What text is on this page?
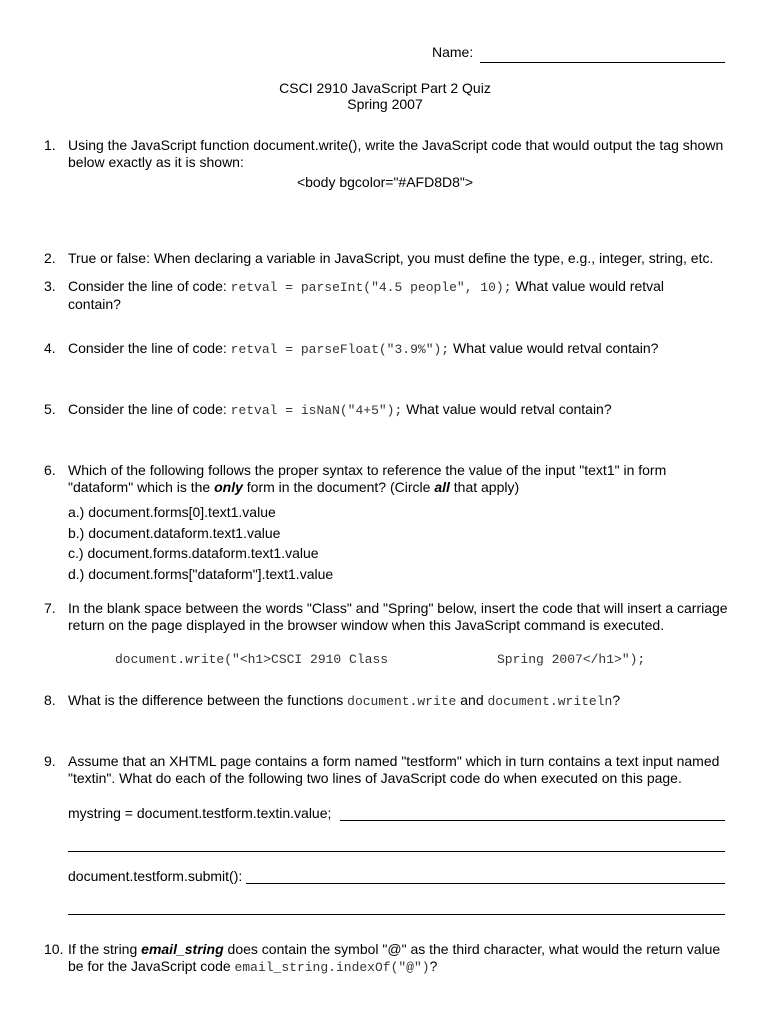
Name:
CSCI 2910 JavaScript Part 2 Quiz
Spring 2007
1. Using the JavaScript function document.write(), write the JavaScript code that would output the tag shown
below exactly as it is shown:
<body bgcolor="#AFD8D8">
2. True or false: When declaring a variable in JavaScript, you must define the type, e.g., integer, string, etc.
3. Consider the line of code: retval = parseInt("4.5 people", 10); What value would retval
contain?
4. Consider the line of code: retval = parseFloat("3.9%"); What value would retval contain?
5. Consider the line of code: retval = isNaN("4+5"); What value would retval contain?
6. Which of the following follows the proper syntax to reference the value of the input "text1" in form
"dataform" which is the only form in the document? (Circle all that apply)
a.) document.forms[0].text1.value
b.) document.dataform.text1.value
c.) document.forms.dataform.text1.value
d.) document.forms["dataform"].text1.value
7. In the blank space between the words "Class" and "Spring" below, insert the code that will insert a carriage
return on the page displayed in the browser window when this JavaScript command is executed.
document.write("<h1>CSCI 2910 Class	Spring 2007</h1>");
8. What is the difference between the functions document.write and document.writeln?
9. Assume that an XHTML page contains a form named "testform" which in turn contains a text input named
"textin". What do each of the following two lines of JavaScript code do when executed on this page.
mystring = document.testform.textin.value;
document.testform.submit():
10. If the string email_string does contain the symbol "@" as the third character, what would the return value
be for the JavaScript code email_string.indexOf("@")?
